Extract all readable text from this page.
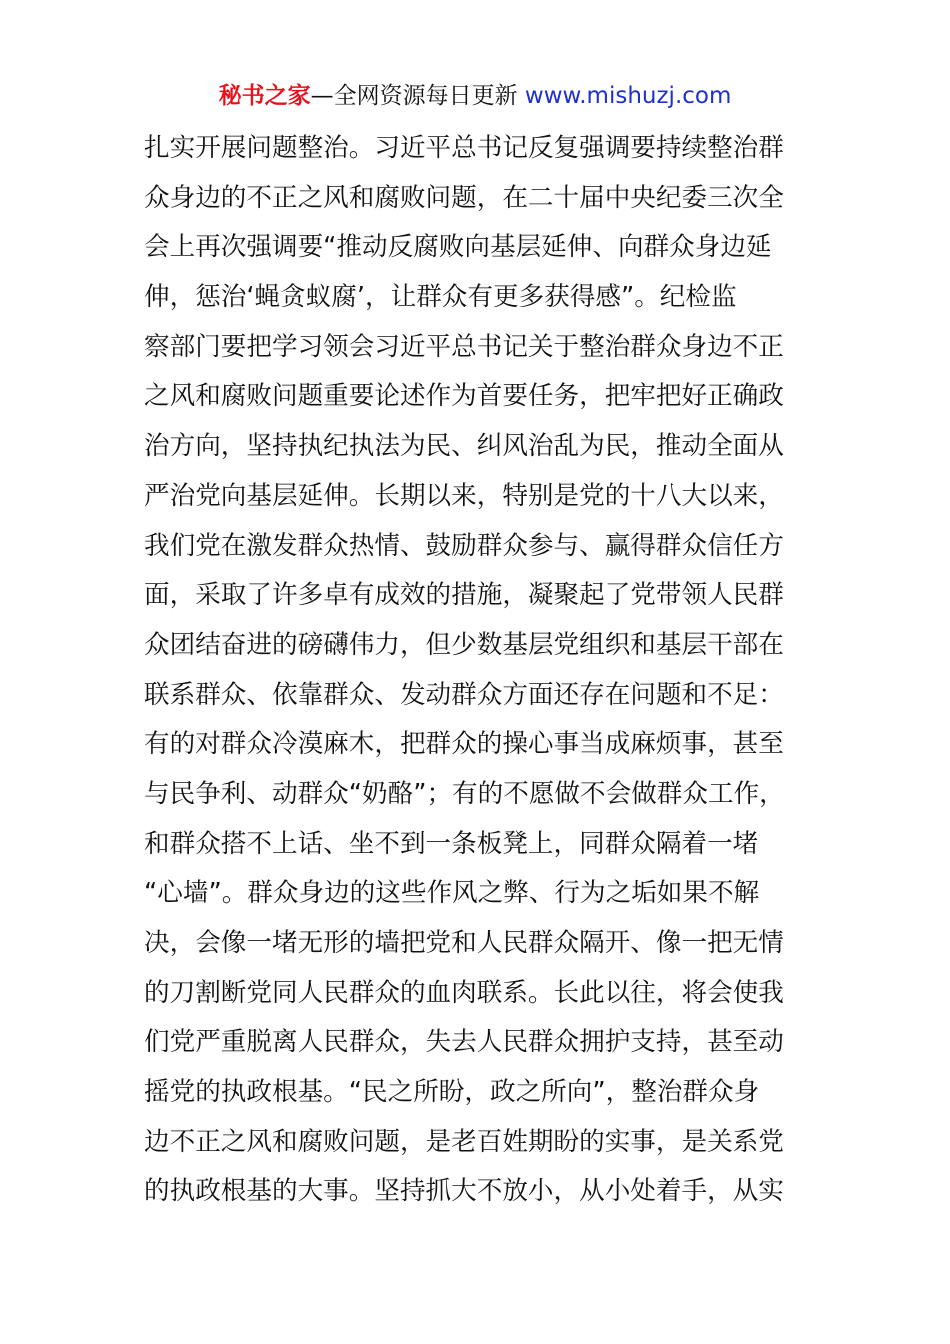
秘书之家—全网资源每日更新 www.mishuzj.com
扎实开展问题整治。习近平总书记反复强调要持续整治群
众身边的不正之风和腐败问题，在二十届中央纪委三次全
会上再次强调要“推动反腐败向基层延伸、向群众身边延
伸，惩治‘蝇贪蚁腐’，让群众有更多获得感”。纪检监
察部门要把学习领会习近平总书记关于整治群众身边不正
之风和腐败问题重要论述作为首要任务，把牢把好正确政
治方向，坚持执纪执法为民、纠风治乱为民，推动全面从
严治党向基层延伸。长期以来，特别是党的十八大以来，
我们党在激发群众热情、鼓励群众参与、赢得群众信任方
面，采取了许多卓有成效的措施，凝聚起了党带领人民群
众团结奋进的磅礴伟力，但少数基层党组织和基层干部在
联系群众、依靠群众、发动群众方面还存在问题和不足：
有的对群众冷漠麻木，把群众的操心事当成麻烦事，甚至
与民争利、动群众“奶酪”；有的不愿做不会做群众工作，
和群众搭不上话、坐不到一条板凳上，同群众隔着一堵
“心墙”。群众身边的这些作风之弊、行为之垢如果不解
决，会像一堵无形的墙把党和人民群众隔开、像一把无情
的刀割断党同人民群众的血肉联系。长此以往，将会使我
们党严重脱离人民群众，失去人民群众拥护支持，甚至动
摇党的执政根基。“民之所盼，政之所向”，整治群众身
边不正之风和腐败问题，是老百姓期盼的实事，是关系党
的执政根基的大事。坚持抓大不放小，从小处着手，从实
